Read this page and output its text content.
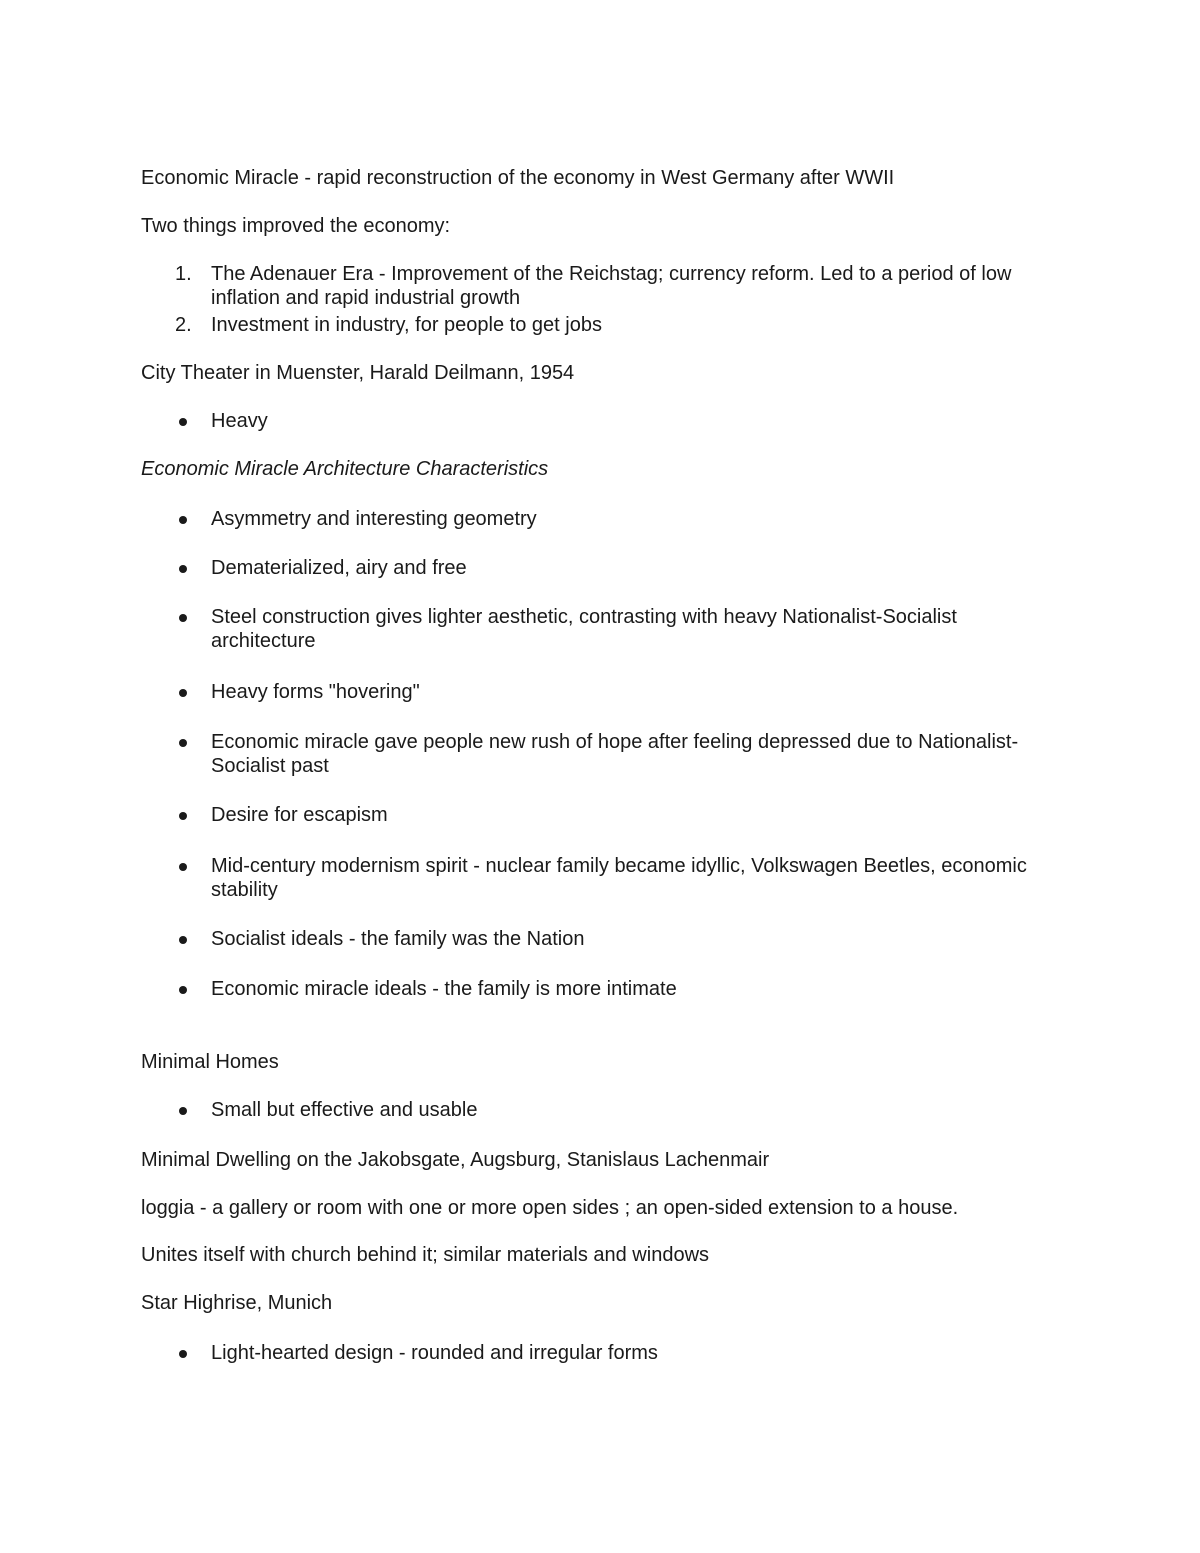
Economic Miracle - rapid reconstruction of the economy in West Germany after WWII
Two things improved the economy:
1. The Adenauer Era - Improvement of the Reichstag; currency reform. Led to a period of low inflation and rapid industrial growth
2. Investment in industry, for people to get jobs
City Theater in Muenster, Harald Deilmann, 1954
Heavy
Economic Miracle Architecture Characteristics
Asymmetry and interesting geometry
Dematerialized, airy and free
Steel construction gives lighter aesthetic, contrasting with heavy Nationalist-Socialist architecture
Heavy forms "hovering"
Economic miracle gave people new rush of hope after feeling depressed due to Nationalist-Socialist past
Desire for escapism
Mid-century modernism spirit - nuclear family became idyllic, Volkswagen Beetles, economic stability
Socialist ideals - the family was the Nation
Economic miracle ideals - the family is more intimate
Minimal Homes
Small but effective and usable
Minimal Dwelling on the Jakobsgate, Augsburg, Stanislaus Lachenmair
loggia - a gallery or room with one or more open sides ; an open-sided extension to a house.
Unites itself with church behind it; similar materials and windows
Star Highrise, Munich
Light-hearted design - rounded and irregular forms
